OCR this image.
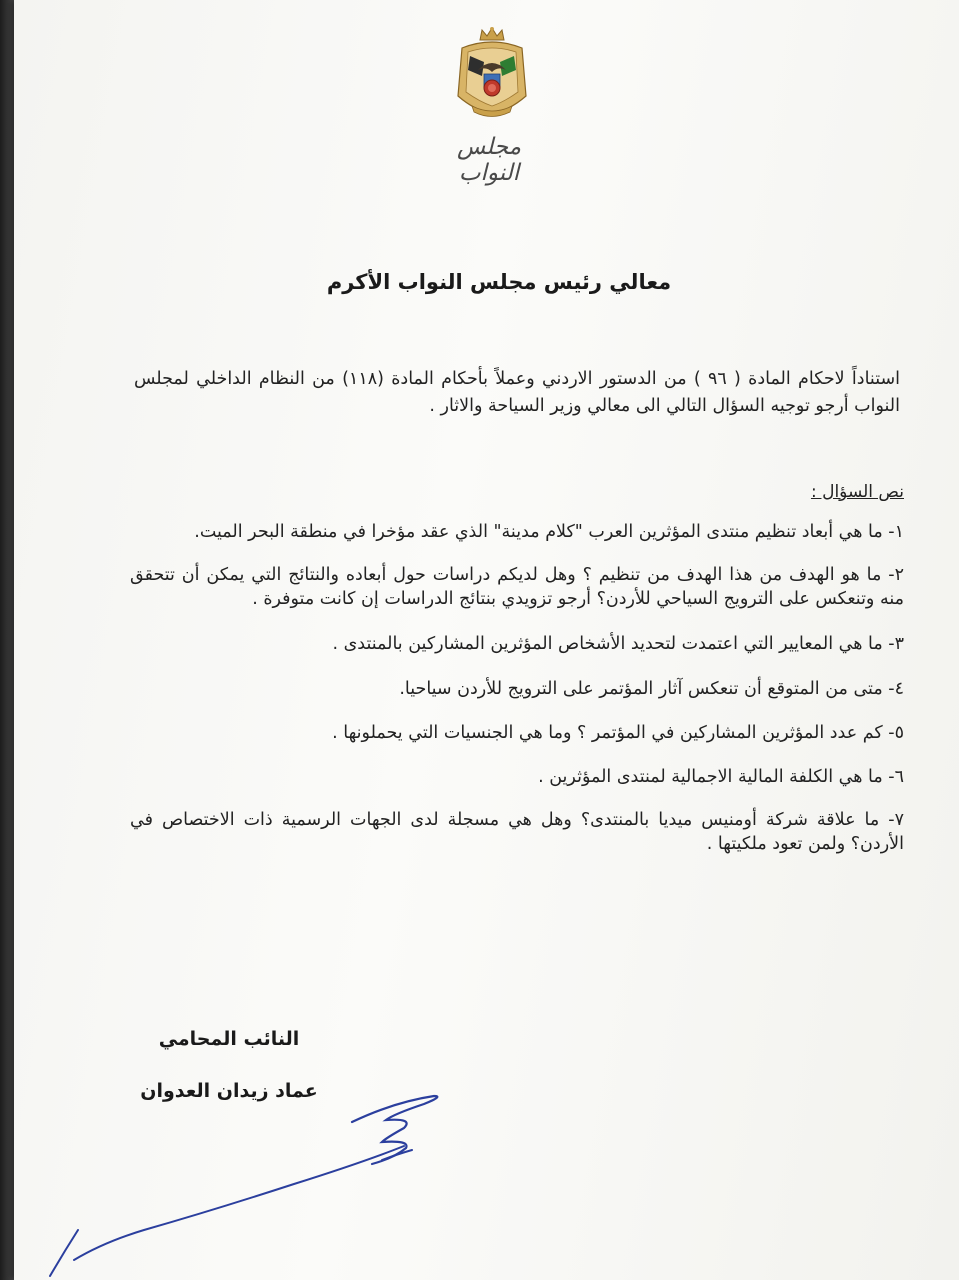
مجلس النواب
معالي رئيس مجلس النواب الأكرم
استناداً لاحكام المادة ( ٩٦ ) من الدستور الاردني وعملاً بأحكام المادة (١١٨) من النظام الداخلي لمجلس النواب أرجو توجيه السؤال التالي الى معالي وزير السياحة والاثار .
نص السؤال :
١- ما هي أبعاد تنظيم منتدى المؤثرين العرب "كلام مدينة" الذي عقد مؤخرا في منطقة البحر الميت.
٢- ما هو الهدف من هذا الهدف من تنظيم ؟ وهل لديكم دراسات حول أبعاده والنتائج التي يمكن أن تتحقق منه وتنعكس على الترويج السياحي للأردن؟ أرجو تزويدي بنتائج الدراسات إن كانت متوفرة .
٣- ما هي المعايير التي اعتمدت لتحديد الأشخاص المؤثرين المشاركين بالمنتدى .
٤- متى من المتوقع أن تنعكس آثار المؤتمر على الترويج للأردن سياحيا.
٥- كم عدد المؤثرين المشاركين في المؤتمر ؟ وما هي الجنسيات التي يحملونها .
٦- ما هي الكلفة المالية الاجمالية لمنتدى المؤثرين .
٧- ما علاقة شركة أومنيس ميديا بالمنتدى؟ وهل هي مسجلة لدى الجهات الرسمية ذات الاختصاص في الأردن؟ ولمن تعود ملكيتها .
النائب المحامي
عماد زيدان العدوان
